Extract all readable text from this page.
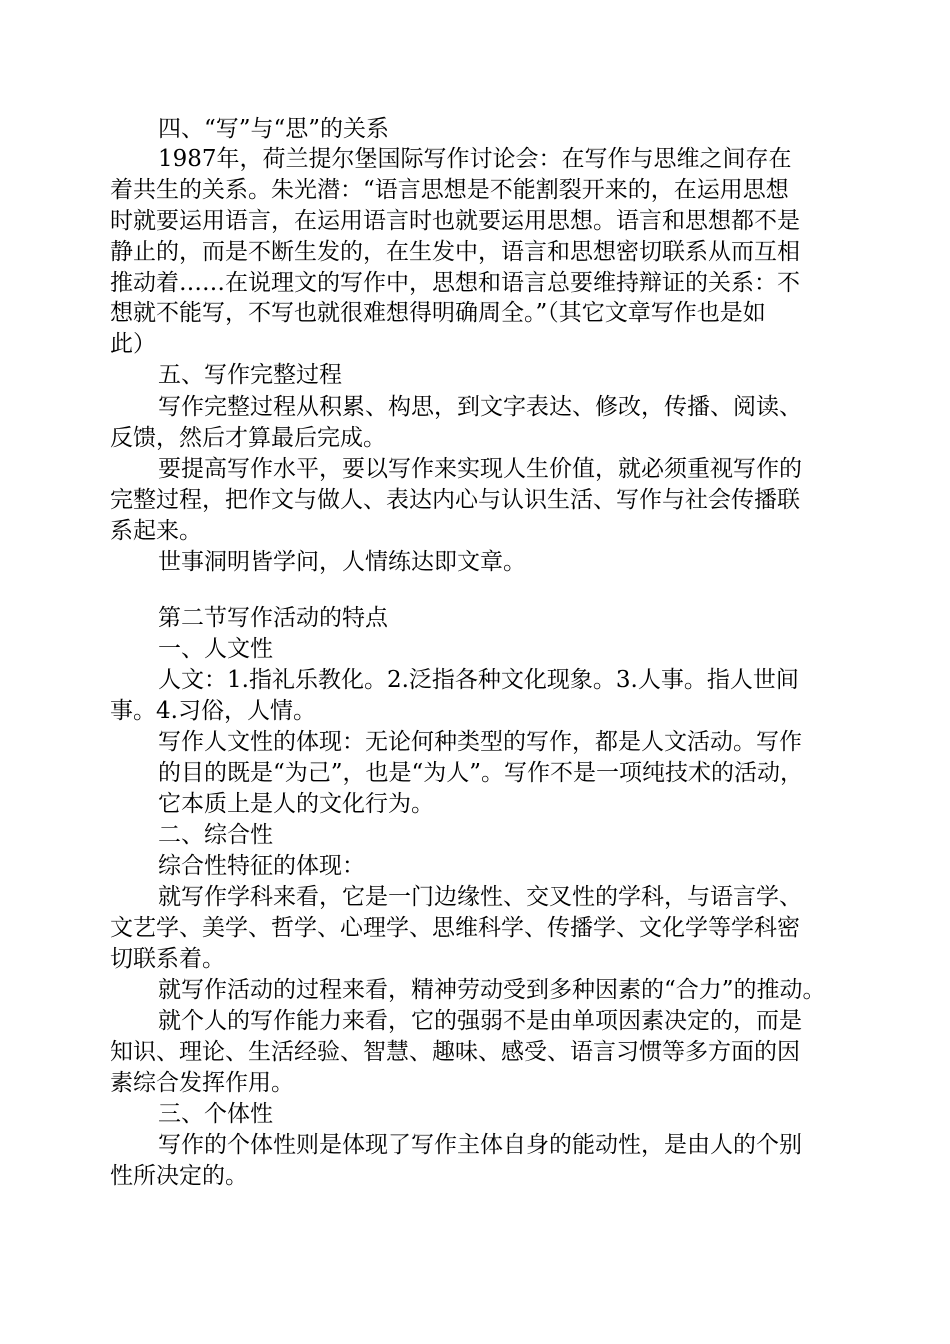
四、“写”与“思”的关系
1987年，荷兰提尔堡国际写作讨论会：在写作与思维之间存在
着共生的关系。朱光潜：“语言思想是不能割裂开来的，在运用思想
时就要运用语言，在运用语言时也就要运用思想。语言和思想都不是
静止的，而是不断生发的，在生发中，语言和思想密切联系从而互相
推动着……在说理文的写作中，思想和语言总要维持辩证的关系：不
想就不能写，不写也就很难想得明确周全。”（其它文章写作也是如
此）
五、写作完整过程
写作完整过程从积累、构思，到文字表达、修改，传播、阅读、
反馈，然后才算最后完成。
要提高写作水平，要以写作来实现人生价值，就必须重视写作的
完整过程，把作文与做人、表达内心与认识生活、写作与社会传播联
系起来。
世事洞明皆学问，人情练达即文章。
第二节写作活动的特点
一、人文性
人文：1.指礼乐教化。2.泛指各种文化现象。3.人事。指人世间
事。4.习俗，人情。
写作人文性的体现：无论何种类型的写作，都是人文活动。写作
的目的既是“为己”，也是“为人”。写作不是一项纯技术的活动，
它本质上是人的文化行为。
二、综合性
综合性特征的体现：
就写作学科来看，它是一门边缘性、交叉性的学科，与语言学、
文艺学、美学、哲学、心理学、思维科学、传播学、文化学等学科密
切联系着。
就写作活动的过程来看，精神劳动受到多种因素的“合力”的推动。
就个人的写作能力来看，它的强弱不是由单项因素决定的，而是
知识、理论、生活经验、智慧、趣味、感受、语言习惯等多方面的因
素综合发挥作用。
三、个体性
写作的个体性则是体现了写作主体自身的能动性，是由人的个别
性所决定的。
